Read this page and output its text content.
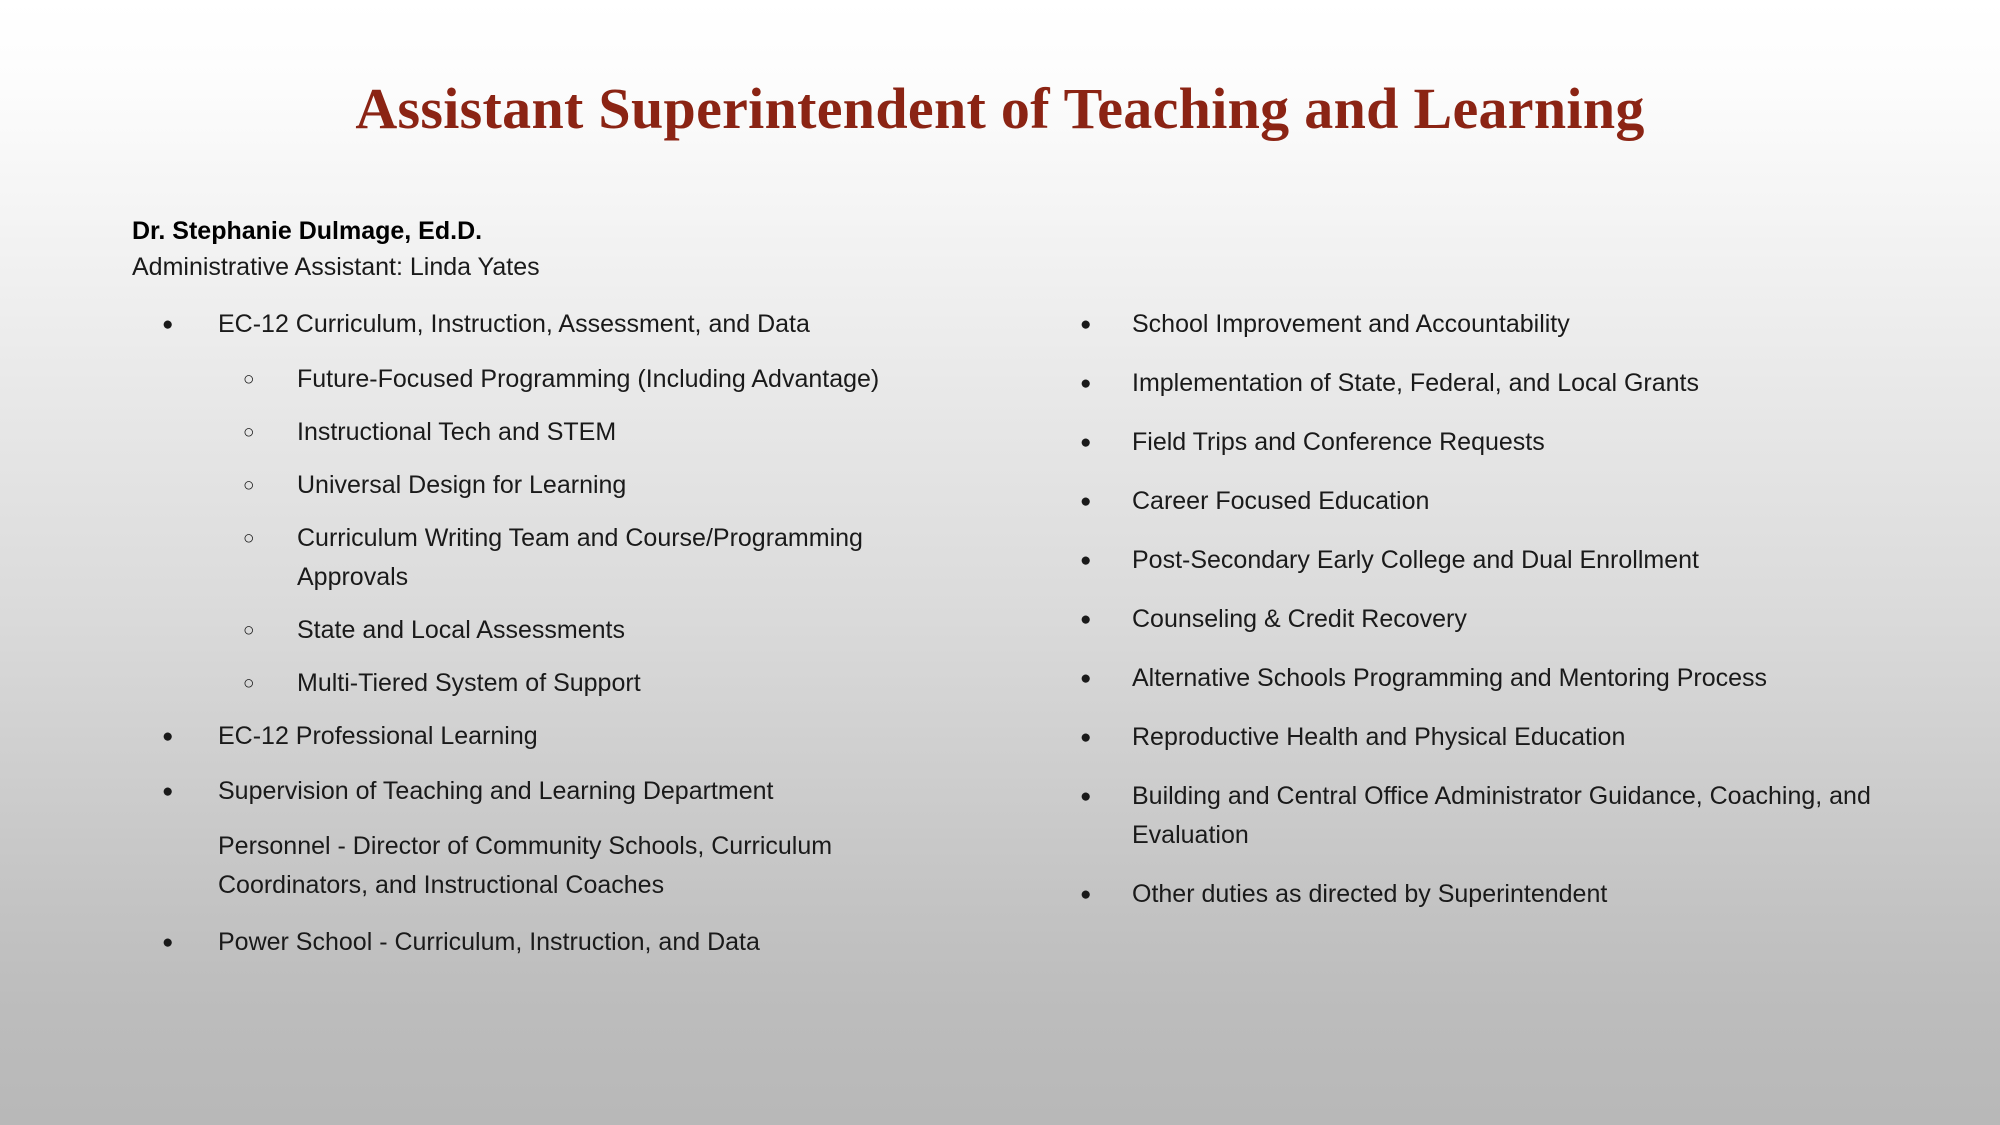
Assistant Superintendent of Teaching and Learning
Dr. Stephanie Dulmage, Ed.D.
Administrative Assistant: Linda Yates
● EC-12 Curriculum, Instruction, Assessment, and Data
○ Future-Focused Programming (Including Advantage)
○ Instructional Tech and STEM
○ Universal Design for Learning
○ Curriculum Writing Team and Course/Programming Approvals
○ State and Local Assessments
○ Multi-Tiered System of Support
● EC-12 Professional Learning
● Supervision of Teaching and Learning Department
Personnel - Director of Community Schools, Curriculum Coordinators, and Instructional Coaches
● Power School - Curriculum, Instruction, and Data
● School Improvement and Accountability
● Implementation of State, Federal, and Local Grants
● Field Trips and Conference Requests
● Career Focused Education
● Post-Secondary Early College and Dual Enrollment
● Counseling & Credit Recovery
● Alternative Schools Programming and Mentoring Process
● Reproductive Health and Physical Education
● Building and Central Office Administrator Guidance, Coaching, and Evaluation
● Other duties as directed by Superintendent
